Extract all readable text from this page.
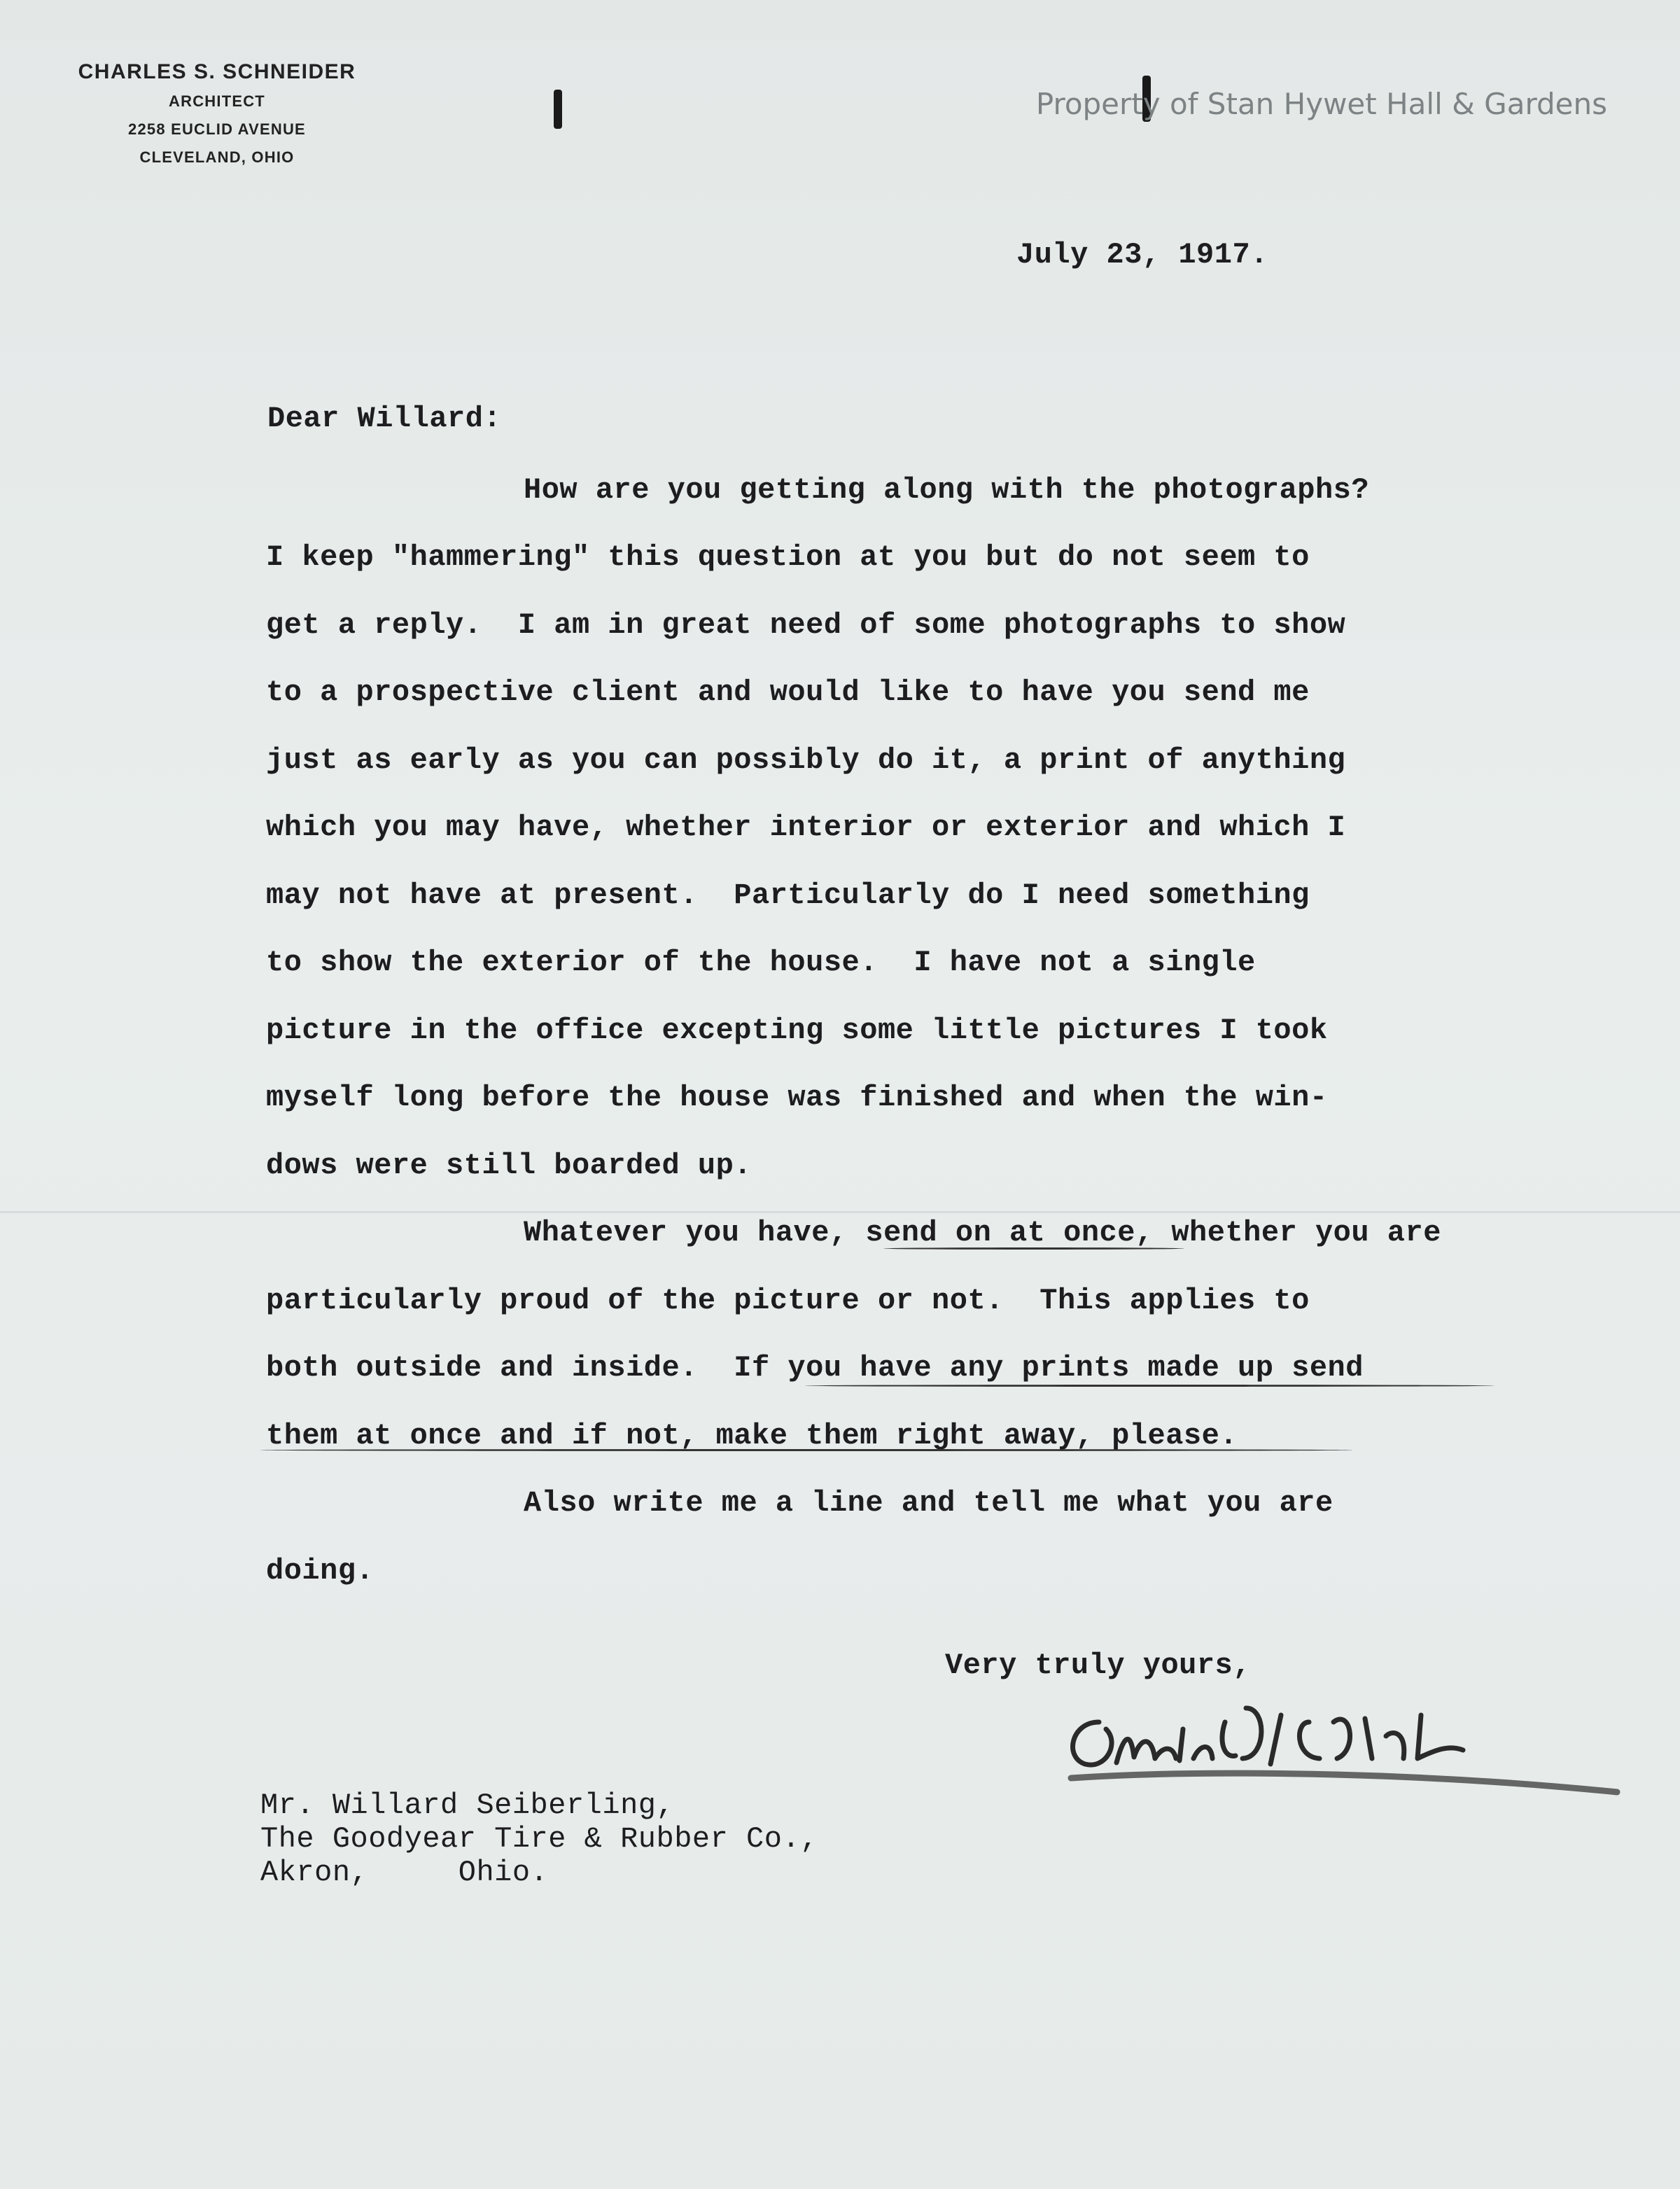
CHARLES S. SCHNEIDER
ARCHITECT
2258 EUCLID AVENUE
CLEVELAND, OHIO
Property of Stan Hywet Hall & Gardens
July 23, 1917.
Dear Willard:
How are you getting along with the photographs?
I keep "hammering" this question at you but do not seem to
get a reply.  I am in great need of some photographs to show
to a prospective client and would like to have you send me
just as early as you can possibly do it, a print of anything
which you may have, whether interior or exterior and which I
may not have at present.  Particularly do I need something
to show the exterior of the house.  I have not a single
picture in the office excepting some little pictures I took
myself long before the house was finished and when the win-
dows were still boarded up.
Whatever you have, send on at once, whether you are
particularly proud of the picture or not.  This applies to
both outside and inside.  If you have any prints made up send
them at once and if not, make them right away, please.
Also write me a line and tell me what you are
doing.
Very truly yours,
Mr. Willard Seiberling,
The Goodyear Tire & Rubber Co.,
Akron,     Ohio.
